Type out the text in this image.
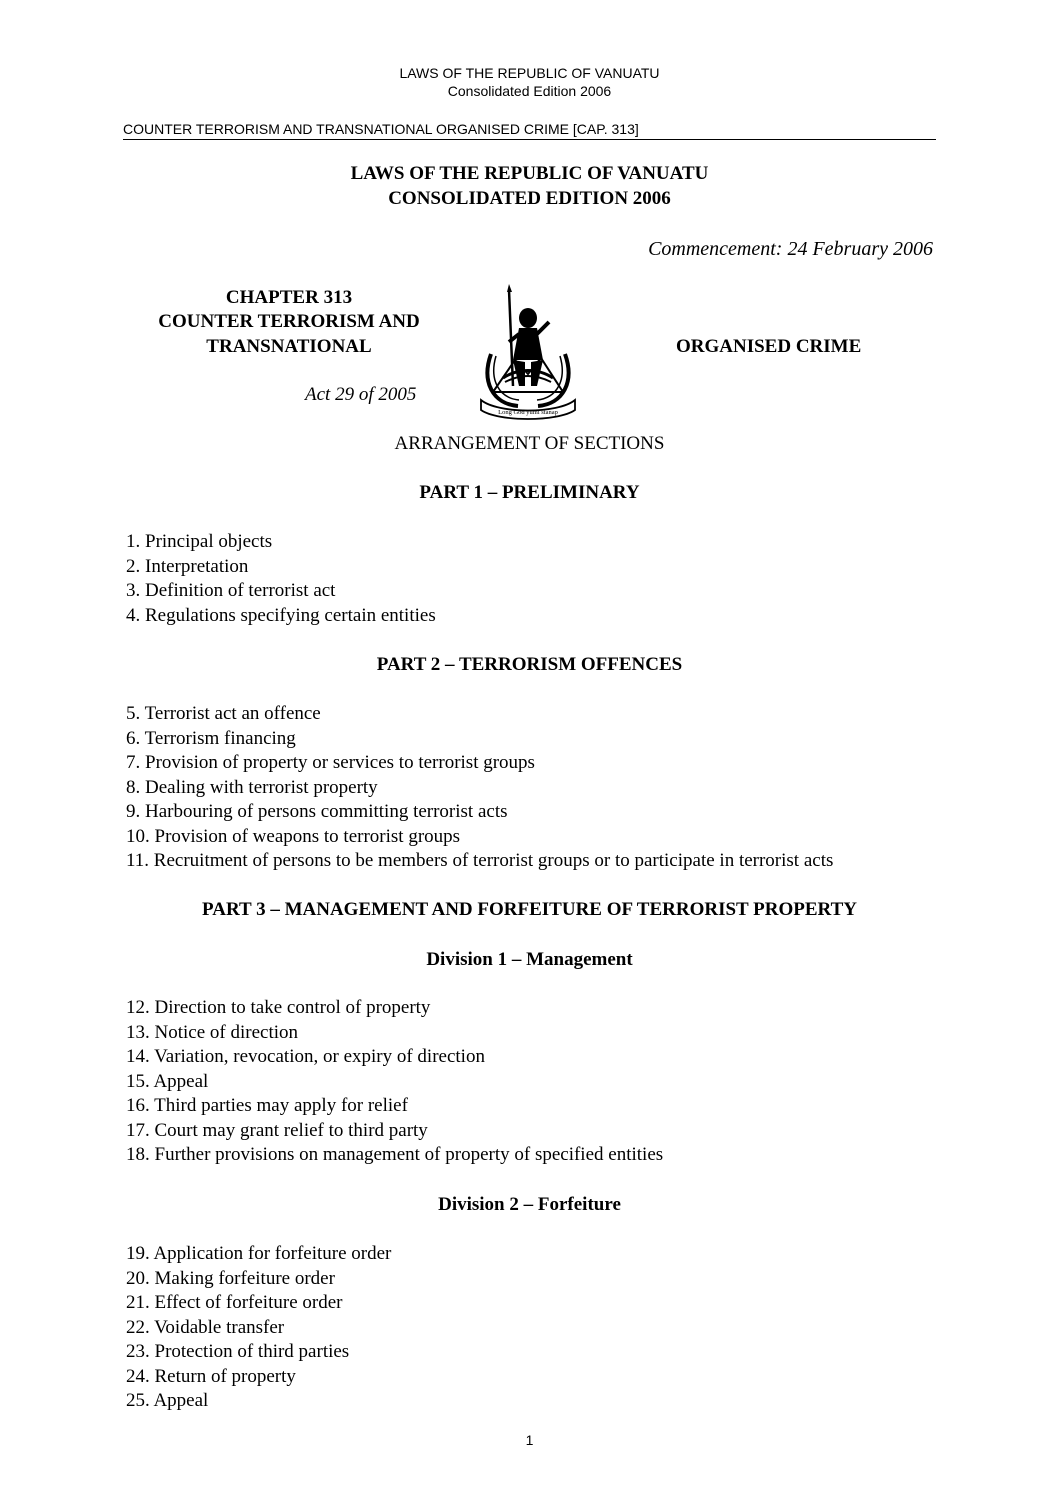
LAWS OF THE REPUBLIC OF VANUATU
Consolidated Edition 2006
COUNTER TERRORISM AND TRANSNATIONAL ORGANISED CRIME [CAP. 313]
LAWS OF THE REPUBLIC OF VANUATU
CONSOLIDATED EDITION 2006
Commencement: 24 February 2006
CHAPTER 313
COUNTER TERRORISM AND
TRANSNATIONAL	ORGANISED CRIME
Act 29 of 2005
Long God yumi stanap
ARRANGEMENT OF SECTIONS
PART 1 – PRELIMINARY
1. Principal objects
2. Interpretation
3. Definition of terrorist act
4. Regulations specifying certain entities
PART 2 – TERRORISM OFFENCES
5. Terrorist act an offence
6. Terrorism financing
7. Provision of property or services to terrorist groups
8. Dealing with terrorist property
9. Harbouring of persons committing terrorist acts
10. Provision of weapons to terrorist groups
11. Recruitment of persons to be members of terrorist groups or to participate in terrorist acts
PART 3 – MANAGEMENT AND FORFEITURE OF TERRORIST PROPERTY
Division 1 – Management
12. Direction to take control of property
13. Notice of direction
14. Variation, revocation, or expiry of direction
15. Appeal
16. Third parties may apply for relief
17. Court may grant relief to third party
18. Further provisions on management of property of specified entities
Division 2 – Forfeiture
19. Application for forfeiture order
20. Making forfeiture order
21. Effect of forfeiture order
22. Voidable transfer
23. Protection of third parties
24. Return of property
25. Appeal
1
